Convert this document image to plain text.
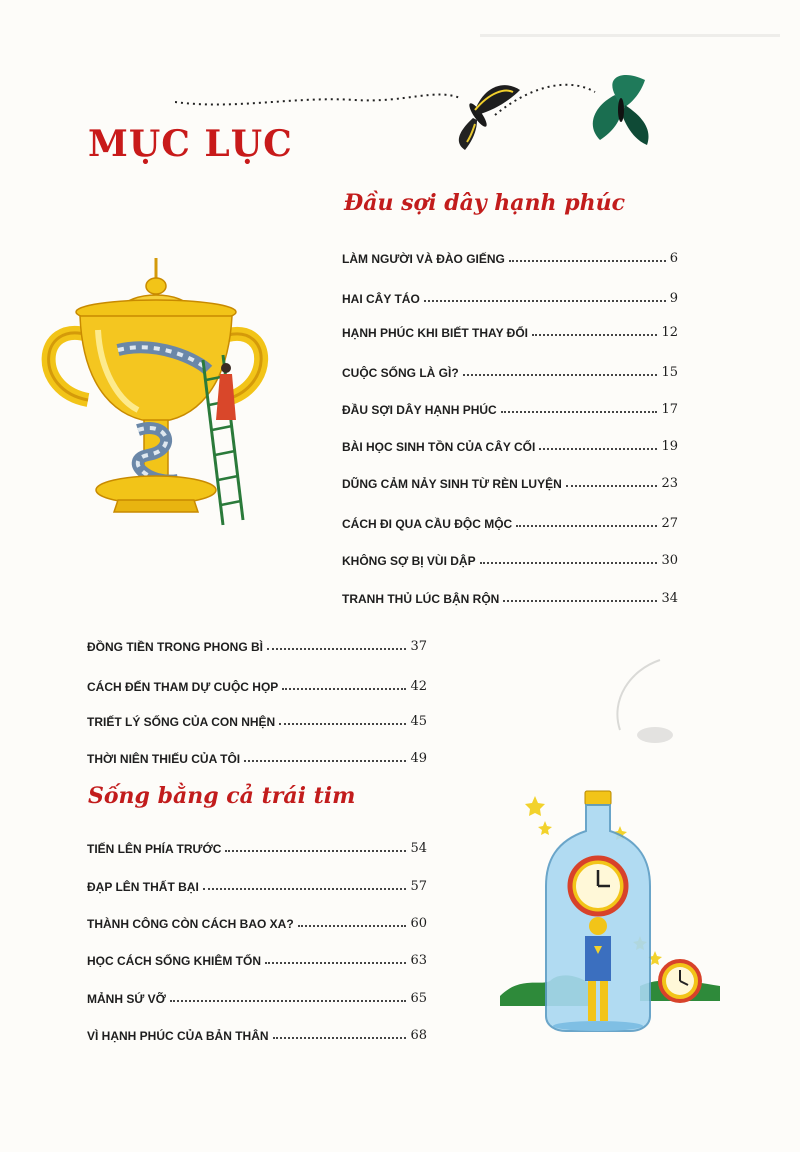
MỤC LỤC
Đầu sợi dây hạnh phúc
Sống bằng cả trái tim
LÀM NGƯỜI VÀ ĐÀO GIẾNG	6
HAI CÂY TÁO	9
HẠNH PHÚC KHI BIẾT THAY ĐỔI	12
CUỘC SỐNG LÀ GÌ?	15
ĐẦU SỢI DÂY HẠNH PHÚC	17
BÀI HỌC SINH TỒN CỦA CÂY CỐI	19
DŨNG CẢM NẢY SINH TỪ RÈN LUYỆN	23
CÁCH ĐI QUA CẦU ĐỘC MỘC	27
KHÔNG SỢ BỊ VÙI DẬP	30
TRANH THỦ LÚC BẬN RỘN	34
ĐỒNG TIỀN TRONG PHONG BÌ	37
CÁCH ĐẾN THAM DỰ CUỘC HỌP	42
TRIẾT LÝ SỐNG CỦA CON NHỆN	45
THỜI NIÊN THIẾU CỦA TÔI	49
TIẾN LÊN PHÍA TRƯỚC	54
ĐẠP LÊN THẤT BẠI	57
THÀNH CÔNG CÒN CÁCH BAO XA?	60
HỌC CÁCH SỐNG KHIÊM TỐN	63
MẢNH SỨ VỠ	65
VÌ HẠNH PHÚC CỦA BẢN THÂN	68
